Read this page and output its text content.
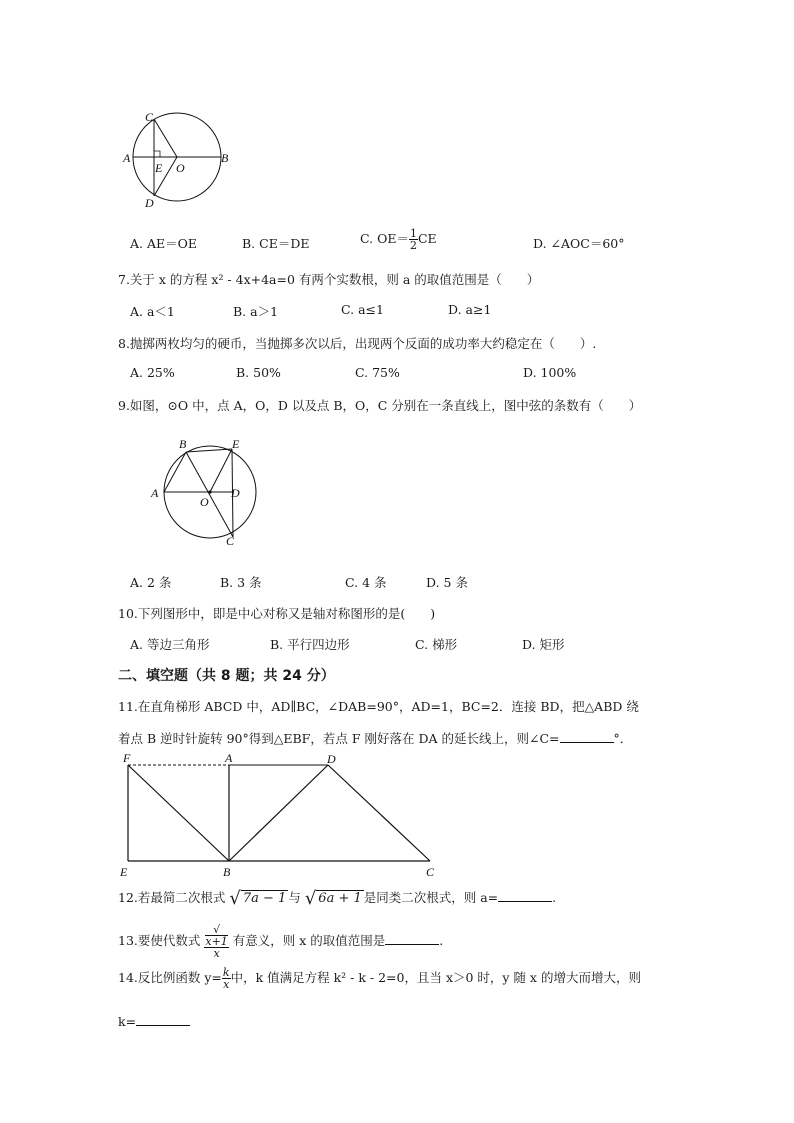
C
A	B
E O
D
A. AE＝OE	B. CE＝DE	C. $OE= \frac{1}{2}$ CE	D. ∠AOC＝60°
7.关于 x 的方程 x² - 4x+4a=0 有两个实数根，则 a 的取值范围是（　　）
A. a＜1	B. a＞1	C. a≤1	D. a≥1
8.抛掷两枚均匀的硬币，当抛掷多次以后，出现两个反面的成功率大约稳定在（　　）.
A. 25%	B. 50%	C. 75%	D. 100%
9.如图，⊙O 中，点 A，O，D 以及点 B，O，C 分别在一条直线上，图中弦的条数有（　　）
B	E
A
O
D
C
A. 2 条	B. 3 条	C. 4 条	D. 5 条
10.下列图形中，即是中心对称又是轴对称图形的是(　　)
A. 等边三角形	B. 平行四边形	C. 梯形	D. 矩形
二、填空题（共 8 题；共 24 分）
11.在直角梯形 ABCD 中，AD∥BC，∠DAB=90°，AD=1，BC=2．连接 BD，把△ABD 绕
着点 B 逆时针旋转 90°得到△EBF，若点 F 刚好落在 DA 的延长线上，则∠C=	°．
F	A	D
E	B	C
12.若最简二次根式 √ 7a − 1 与 √ 6a + 1 是同类二次根式，则 a=	.
13.要使代数式 √
x+1
x 有意义，则 x 的取值范围是	.
14.反比例函数 $y= \frac{k}{x}$ 中，k 值满足方程 k² - k - 2=0，且当 x＞0 时，y 随 x 的增大而增大，则
k=
